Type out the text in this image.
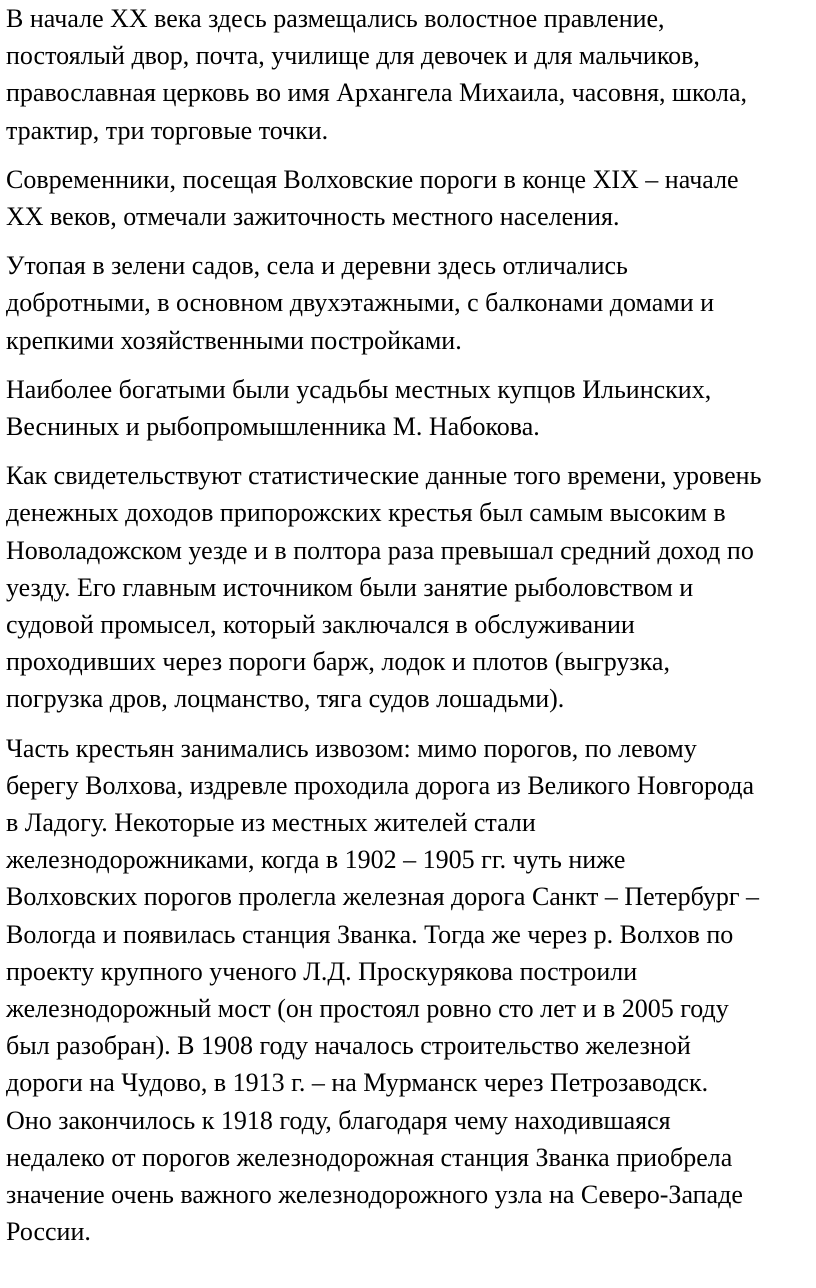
В начале ХХ века здесь размещались волостное правление,
постоялый двор, почта, училище для девочек и для мальчиков,
православная церковь во имя Архангела Михаила, часовня, школа,
трактир, три торговые точки.

Современники, посещая Волховские пороги в конце XIX – начале
XX веков, отмечали зажиточность местного населения.

Утопая в зелени садов, села и деревни здесь отличались
добротными, в основном двухэтажными, с балконами домами и
крепкими хозяйственными постройками.

Наиболее богатыми были усадьбы местных купцов Ильинских,
Весниных и рыбопромышленника М. Набокова.

Как свидетельствуют статистические данные того времени, уровень
денежных доходов припорожских крестья был самым высоким в
Новоладожском уезде и в полтора раза превышал средний доход по
уезду. Его главным источником были занятие рыболовством и
судовой промысел, который заключался в обслуживании
проходивших через пороги барж, лодок и плотов (выгрузка,
погрузка дров, лоцманство, тяга судов лошадьми).

Часть крестьян занимались извозом: мимо порогов, по левому
берегу Волхова, издревле проходила дорога из Великого Новгорода
в Ладогу. Некоторые из местных жителей стали
железнодорожниками, когда в 1902 – 1905 гг. чуть ниже
Волховских порогов пролегла железная дорога Санкт – Петербург –
Вологда и появилась станция Званка. Тогда же через р. Волхов по
проекту крупного ученого Л.Д. Проскурякова построили
железнодорожный мост (он простоял ровно сто лет и в 2005 году
был разобран). В 1908 году началось строительство железной
дороги на Чудово, в 1913 г. – на Мурманск через Петрозаводск.
Оно закончилось к 1918 году, благодаря чему находившаяся
недалеко от порогов железнодорожная станция Званка приобрела
значение очень важного железнодорожного узла на Северо-Западе
России.
